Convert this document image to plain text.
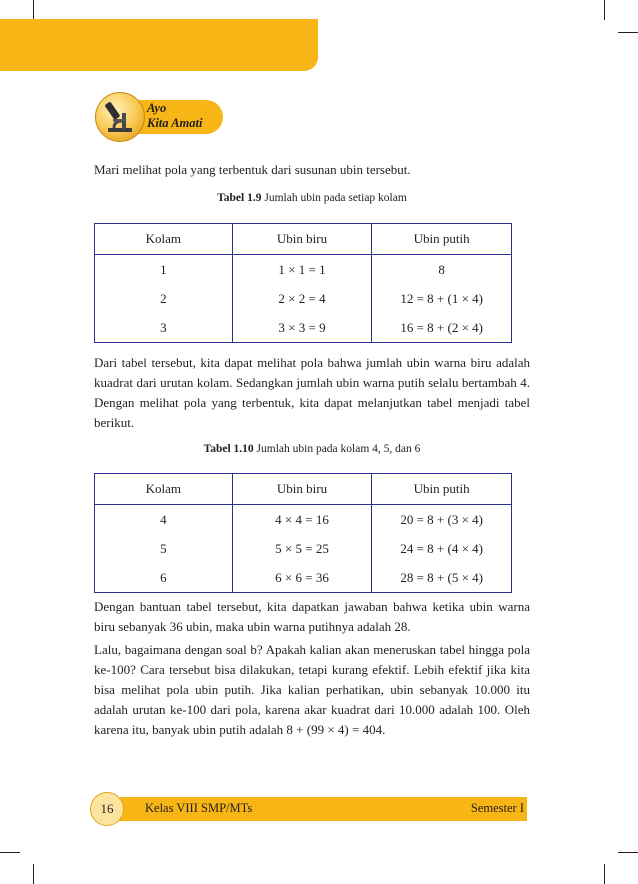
Ayo
Kita Amati

Mari melihat pola yang terbentuk dari susunan ubin tersebut.

Tabel 1.9 Jumlah ubin pada setiap kolam

Kolam	Ubin biru	Ubin putih
1	1 × 1 = 1	8
2	2 × 2 = 4	12 = 8 + (1 × 4)
3	3 × 3 = 9	16 = 8 + (2 × 4)

Dari tabel tersebut, kita dapat melihat pola bahwa jumlah ubin warna biru adalah kuadrat dari urutan kolam. Sedangkan jumlah ubin warna putih selalu bertambah 4. Dengan melihat pola yang terbentuk, kita dapat melanjutkan tabel menjadi tabel berikut.

Tabel 1.10 Jumlah ubin pada kolam 4, 5, dan 6

Kolam	Ubin biru	Ubin putih
4	4 × 4 = 16	20 = 8 + (3 × 4)
5	5 × 5 = 25	24 = 8 + (4 × 4)
6	6 × 6 = 36	28 = 8 + (5 × 4)

Dengan bantuan tabel tersebut, kita dapatkan jawaban bahwa ketika ubin warna biru sebanyak 36 ubin, maka ubin warna putihnya adalah 28.

Lalu, bagaimana dengan soal b? Apakah kalian akan meneruskan tabel hingga pola ke-100? Cara tersebut bisa dilakukan, tetapi kurang efektif. Lebih efektif jika kita bisa melihat pola ubin putih. Jika kalian perhatikan, ubin sebanyak 10.000 itu adalah urutan ke-100 dari pola, karena akar kuadrat dari 10.000 adalah 100. Oleh karena itu, banyak ubin putih adalah 8 + (99 × 4) = 404.

16	Kelas VIII SMP/MTs	Semester I
